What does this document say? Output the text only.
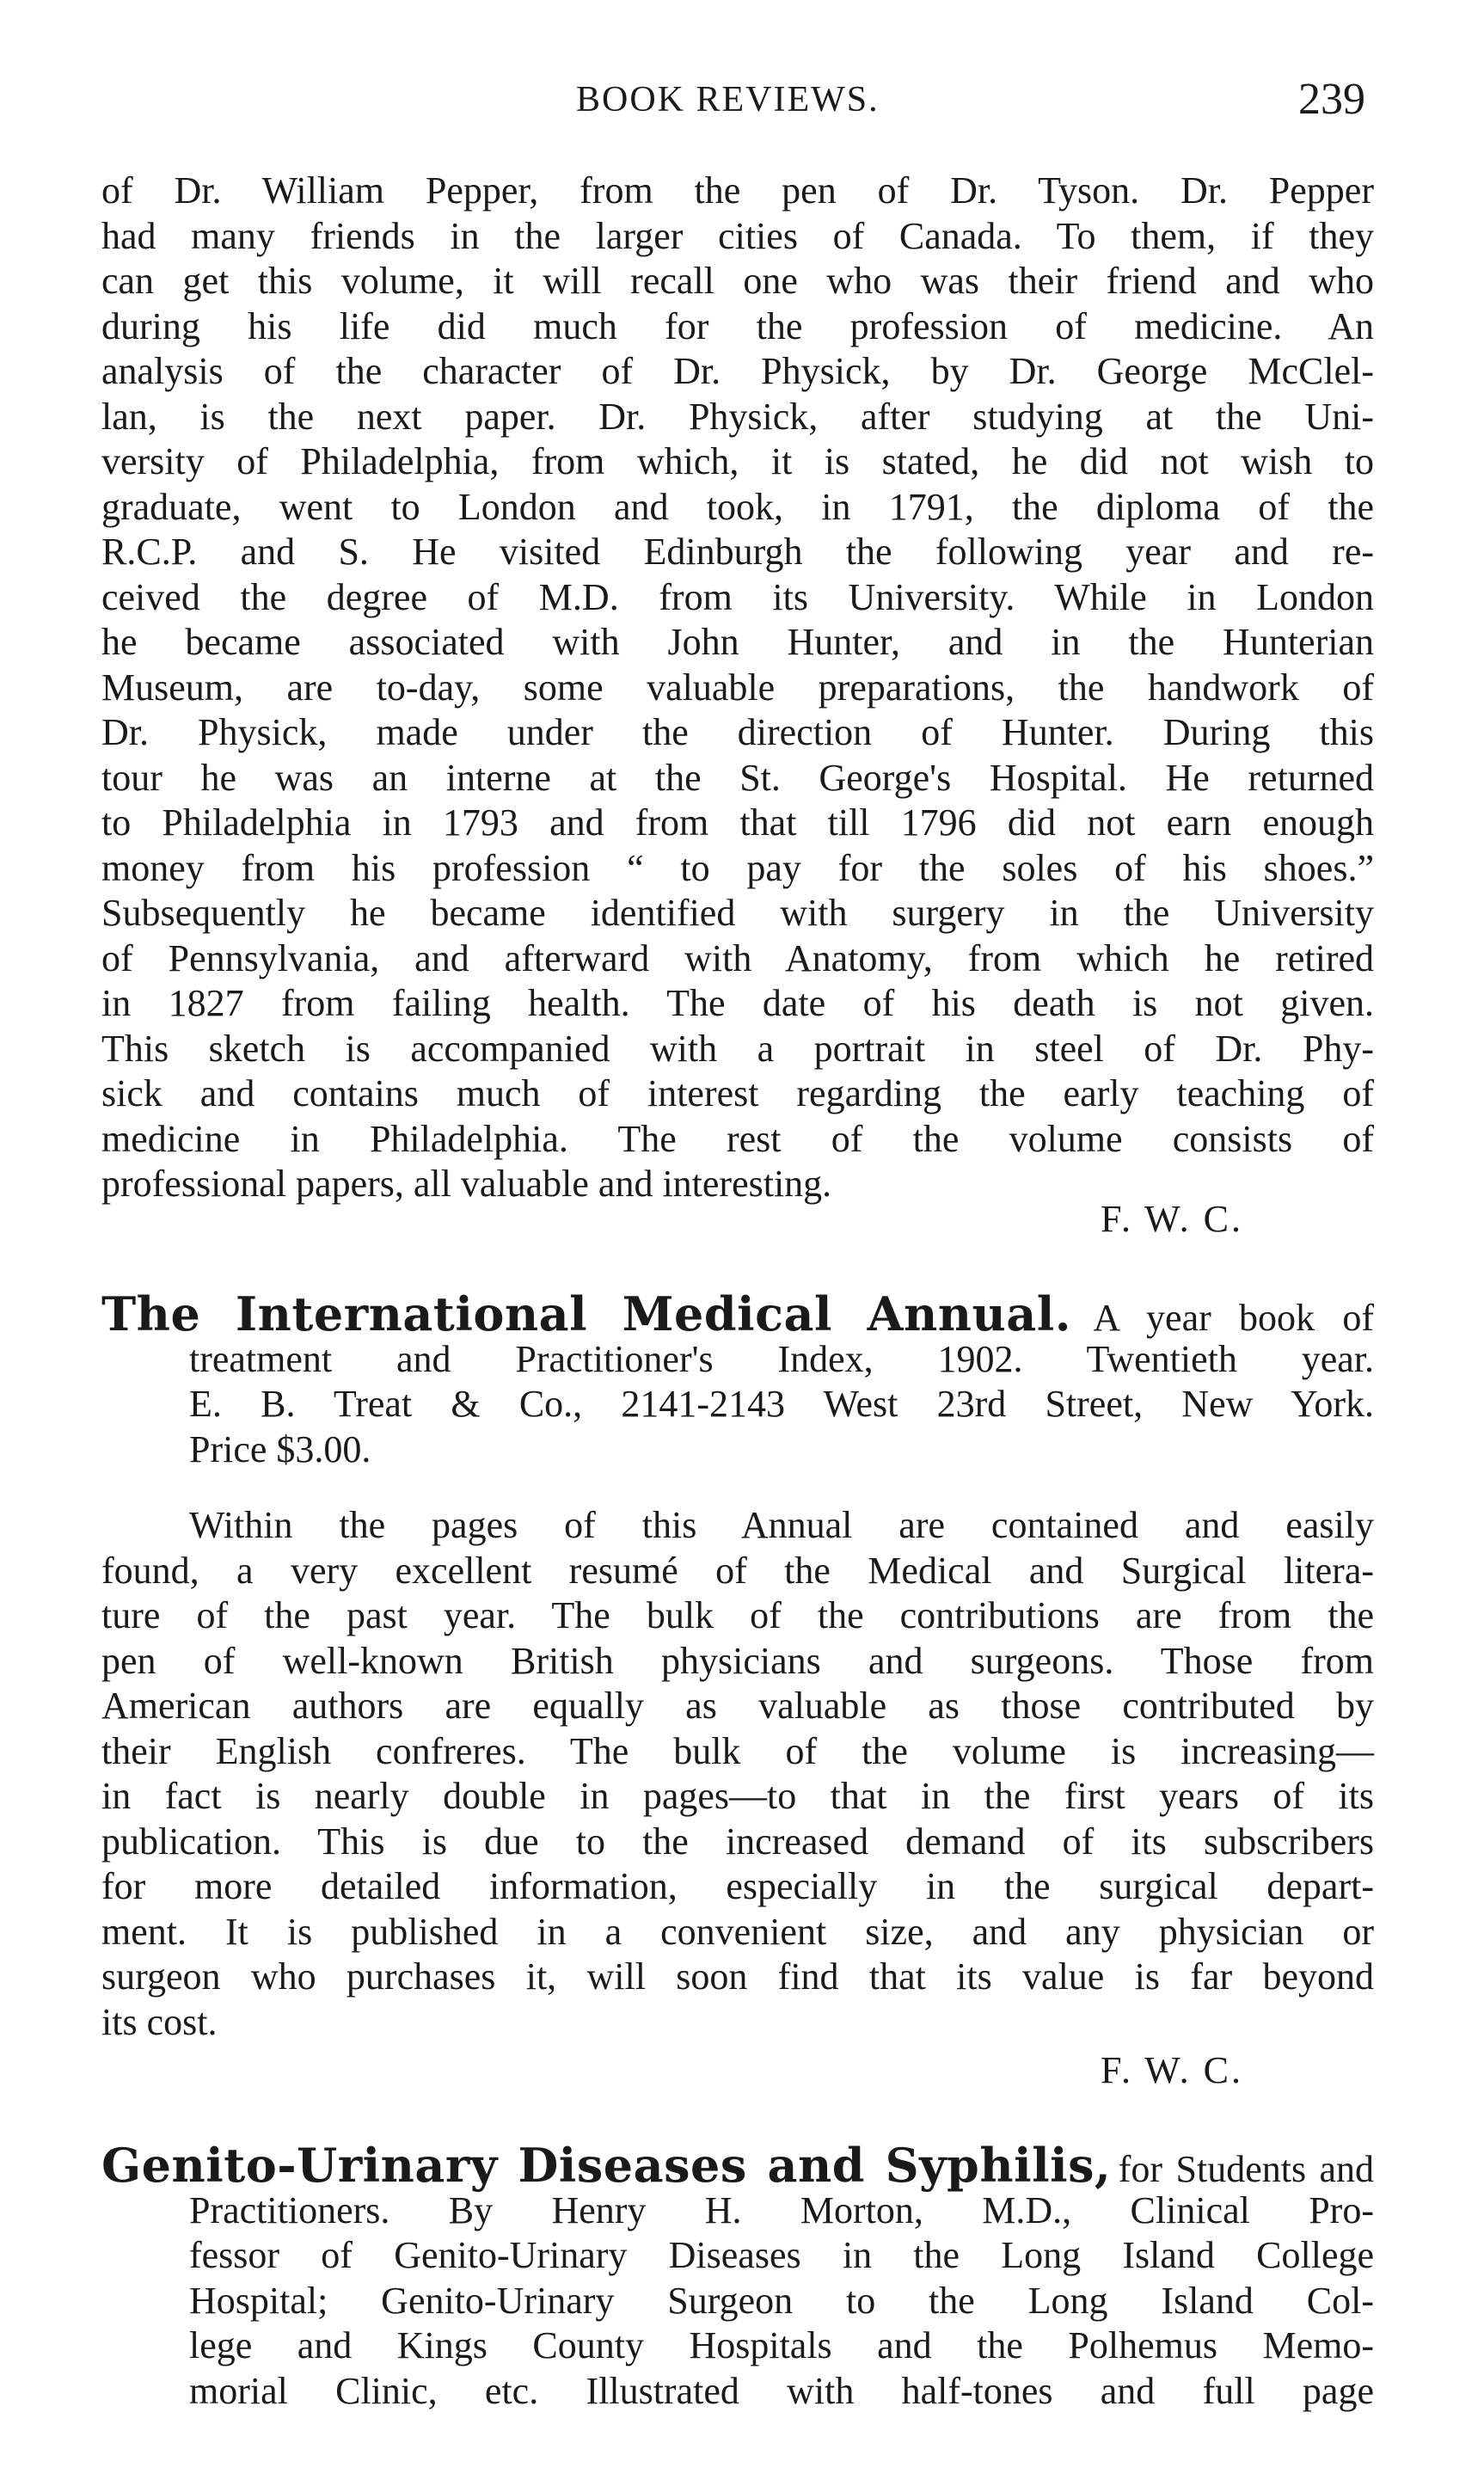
BOOK REVIEWS.	239
of Dr. William Pepper, from the pen of Dr. Tyson. Dr. Pepper
had many friends in the larger cities of Canada. To them, if they
can get this volume, it will recall one who was their friend and who
during his life did much for the profession of medicine. An
analysis of the character of Dr. Physick, by Dr. George McClel-
lan, is the next paper. Dr. Physick, after studying at the Uni-
versity of Philadelphia, from which, it is stated, he did not wish to
graduate, went to London and took, in 1791, the diploma of the
R.C.P. and S. He visited Edinburgh the following year and re-
ceived the degree of M.D. from its University. While in London
he became associated with John Hunter, and in the Hunterian
Museum, are to-day, some valuable preparations, the handwork of
Dr. Physick, made under the direction of Hunter. During this
tour he was an interne at the St. George's Hospital. He returned
to Philadelphia in 1793 and from that till 1796 did not earn enough
money from his profession “ to pay for the soles of his shoes.”
Subsequently he became identified with surgery in the University
of Pennsylvania, and afterward with Anatomy, from which he retired
in 1827 from failing health. The date of his death is not given.
This sketch is accompanied with a portrait in steel of Dr. Phy-
sick and contains much of interest regarding the early teaching of
medicine in Philadelphia. The rest of the volume consists of
professional papers, all valuable and interesting.
F. W. C.
The International Medical Annual. A year book of
treatment and Practitioner's Index, 1902. Twentieth year.
E. B. Treat & Co., 2141-2143 West 23rd Street, New York.
Price $3.00.
Within the pages of this Annual are contained and easily
found, a very excellent resumé of the Medical and Surgical litera-
ture of the past year. The bulk of the contributions are from the
pen of well-known British physicians and surgeons. Those from
American authors are equally as valuable as those contributed by
their English confreres. The bulk of the volume is increasing—
in fact is nearly double in pages—to that in the first years of its
publication. This is due to the increased demand of its subscribers
for more detailed information, especially in the surgical depart-
ment. It is published in a convenient size, and any physician or
surgeon who purchases it, will soon find that its value is far beyond
its cost.
F. W. C.
Genito-Urinary Diseases and Syphilis, for Students and
Practitioners. By Henry H. Morton, M.D., Clinical Pro-
fessor of Genito-Urinary Diseases in the Long Island College
Hospital; Genito-Urinary Surgeon to the Long Island Col-
lege and Kings County Hospitals and the Polhemus Memo-
morial Clinic, etc. Illustrated with half-tones and full page
